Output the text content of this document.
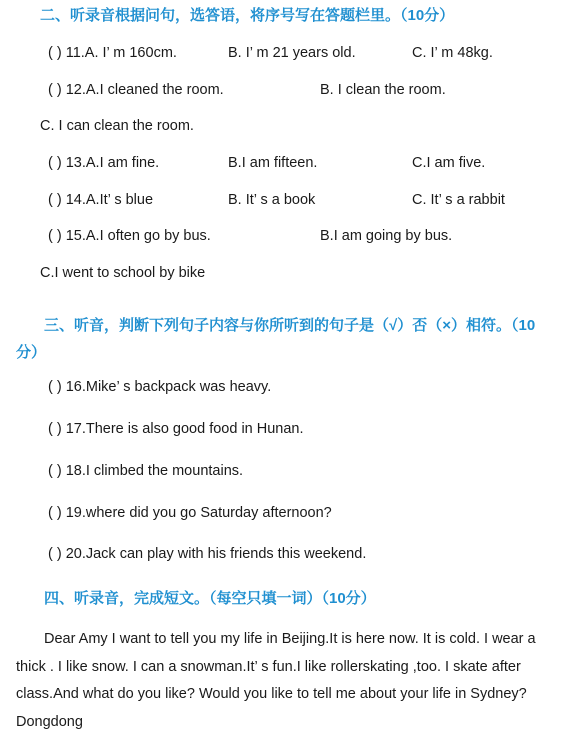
二、听录音根据问句，选答语，将序号写在答题栏里。（10分）
( ) 11.A. I’ m 160cm.	B. I’ m 21 years old.	C. I’ m 48kg.
( ) 12.A.I cleaned the room.	B. I clean the room.
C. I can clean the room.
( ) 13.A.I am fine.	B.I am fifteen.	C.I am five.
( ) 14.A.It’ s blue	B. It’ s a book	C. It’ s a rabbit
( ) 15.A.I often go by bus.	B.I am going by bus.
C.I went to school by bike
三、听音，判断下列句子内容与你所听到的句子是（√）否（×）相符。（10
分）
( ) 16.Mike’ s backpack was heavy.
( ) 17.There is also good food in Hunan.
( ) 18.I climbed the mountains.
( ) 19.where did you go Saturday afternoon?
( ) 20.Jack can play with his friends this weekend.
四、听录音，完成短文。（每空只填一词）（10分）
Dear Amy I want to tell you my life in Beijing.It is here now. It is cold. I wear a thick . I like snow. I can a snowman.It’ s fun.I like rollerskating ,too. I skate after class.And what do you like? Would you like to tell me about your life in Sydney? Dongdong
